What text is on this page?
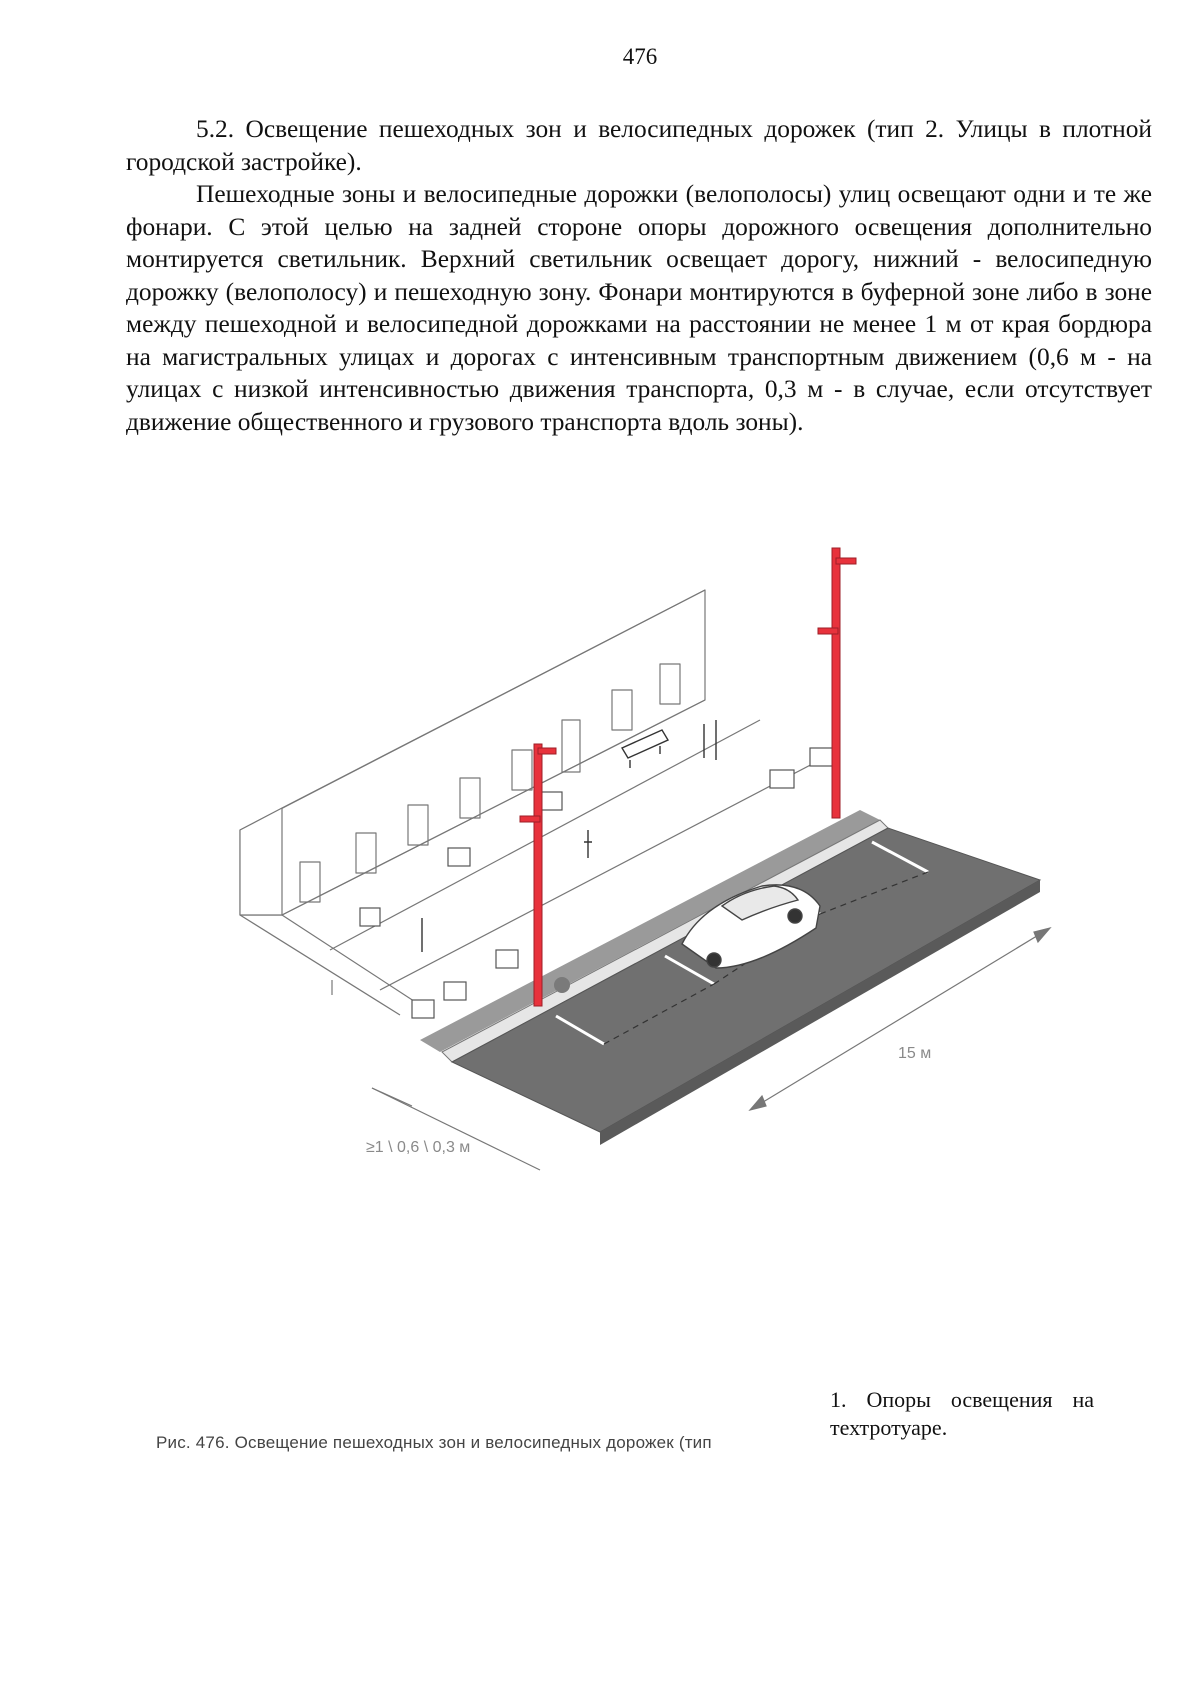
476

5.2. Освещение пешеходных зон и велосипедных дорожек (тип 2. Улицы в плотной городской застройке).

Пешеходные зоны и велосипедные дорожки (велополосы) улиц освещают одни и те же фонари. С этой целью на задней стороне опоры дорожного освещения дополнительно монтируется светильник. Верхний светильник освещает дорогу, нижний - велосипедную дорожку (велополосу) и пешеходную зону. Фонари монтируются в буферной зоне либо в зоне между пешеходной и велосипедной дорожками на расстоянии не менее 1 м от края бордюра на магистральных улицах и дорогах с интенсивным транспортным движением (0,6 м - на улицах с низкой интенсивностью движения транспорта, 0,3 м - в случае, если отсутствует движение общественного и грузового транспорта вдоль зоны).

15 м
≥1 \ 0,6 \ 0,3 м
Рис. 476. Освещение пешеходных зон и велосипедных дорожек (тип
1. Опоры освещения на техтротуаре.
